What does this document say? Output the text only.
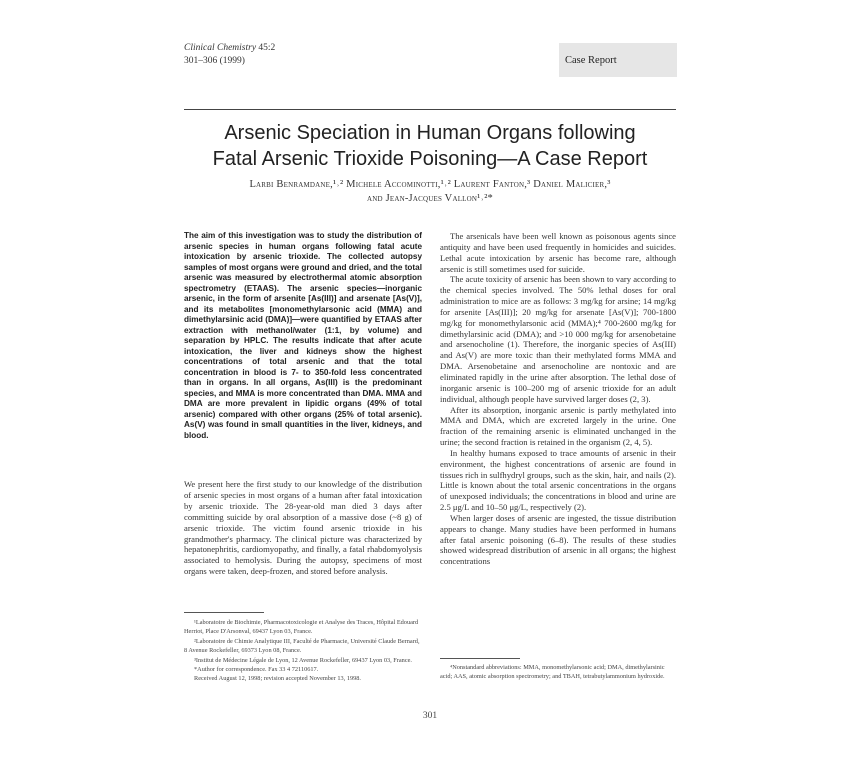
Clinical Chemistry 45:2
301–306 (1999)	Case Report
Arsenic Speciation in Human Organs following
Fatal Arsenic Trioxide Poisoning—A Case Report
Larbi Benramdane,¹˒² Michele Accominotti,¹˒² Laurent Fanton,³ Daniel Malicier,³
and Jean-Jacques Vallon¹˒²*
The aim of this investigation was to study the distribution of arsenic species in human organs following fatal acute intoxication by arsenic trioxide. The collected autopsy samples of most organs were ground and dried, and the total arsenic was measured by electrothermal atomic absorption spectrometry (ETAAS). The arsenic species—inorganic arsenic, in the form of arsenite [As(III)] and arsenate [As(V)], and its metabolites [monomethylarsonic acid (MMA) and dimethylarsinic acid (DMA)]—were quantified by ETAAS after extraction with methanol/water (1:1, by volume) and separation by HPLC. The results indicate that after acute intoxication, the liver and kidneys show the highest concentrations of total arsenic and that the total concentration in blood is 7- to 350-fold less concentrated than in organs. In all organs, As(III) is the predominant species, and MMA is more concentrated than DMA. MMA and DMA are more prevalent in lipidic organs (49% of total arsenic) compared with other organs (25% of total arsenic). As(V) was found in small quantities in the liver, kidneys, and blood.
We present here the first study to our knowledge of the distribution of arsenic species in most organs of a human after fatal intoxication by arsenic trioxide. The 28-year-old man died 3 days after committing suicide by oral absorption of a massive dose (~8 g) of arsenic trioxide. The victim found arsenic trioxide in his grandmother's pharmacy. The clinical picture was characterized by hepatonephritis, cardiomyopathy, and finally, a fatal rhabdomyolysis associated to hemolysis. During the autopsy, specimens of most organs were taken, deep-frozen, and stored before analysis.

¹Laboratoire de Biochimie, Pharmacotoxicologie et Analyse des Traces, Hôpital Edouard Herriot, Place D'Arsonval, 69437 Lyon 03, France.

²Laboratoire de Chimie Analytique III, Faculté de Pharmacie, Université Claude Bernard, 8 Avenue Rockefeller, 69373 Lyon 08, France.

³Institut de Médecine Légale de Lyon, 12 Avenue Rockefeller, 69437 Lyon 03, France.

*Author for correspondence. Fax 33 4 72110617.

Received August 12, 1998; revision accepted November 13, 1998.

The arsenicals have been well known as poisonous agents since antiquity and have been used frequently in homicides and suicides. Lethal acute intoxication by arsenic has become rare, although arsenic is still sometimes used for suicide.

The acute toxicity of arsenic has been shown to vary according to the chemical species involved. The 50% lethal doses for oral administration to mice are as follows: 3 mg/kg for arsine; 14 mg/kg for arsenite [As(III)]; 20 mg/kg for arsenate [As(V)]; 700-1800 mg/kg for monomethylarsonic acid (MMA);⁴ 700-2600 mg/kg for dimethylarsinic acid (DMA); and >10 000 mg/kg for arsenobetaine and arsenocholine (1). Therefore, the inorganic species of As(III) and As(V) are more toxic than their methylated forms MMA and DMA. Arsenobetaine and arsenocholine are nontoxic and are eliminated rapidly in the urine after absorption. The lethal dose of inorganic arsenic is 100–200 mg of arsenic trioxide for an adult individual, although people have survived larger doses (2, 3).

After its absorption, inorganic arsenic is partly methylated into MMA and DMA, which are excreted largely in the urine. One fraction of the remaining arsenic is eliminated unchanged in the urine; the second fraction is retained in the organism (2, 4, 5).

In healthy humans exposed to trace amounts of arsenic in their environment, the highest concentrations of arsenic are found in tissues rich in sulfhydryl groups, such as the skin, hair, and nails (2). Little is known about the total arsenic concentrations in the organs of unexposed individuals; the concentrations in blood and urine are 2.5 μg/L and 10–50 μg/L, respectively (2).

When larger doses of arsenic are ingested, the tissue distribution appears to change. Many studies have been performed in humans after fatal arsenic poisoning (6–8). The results of these studies showed widespread distribution of arsenic in all organs; the highest concentrations

⁴Nonstandard abbreviations: MMA, monomethylarsonic acid; DMA, dimethylarsinic acid; AAS, atomic absorption spectrometry; and TBAH, tetrabutylammonium hydroxide.

301
